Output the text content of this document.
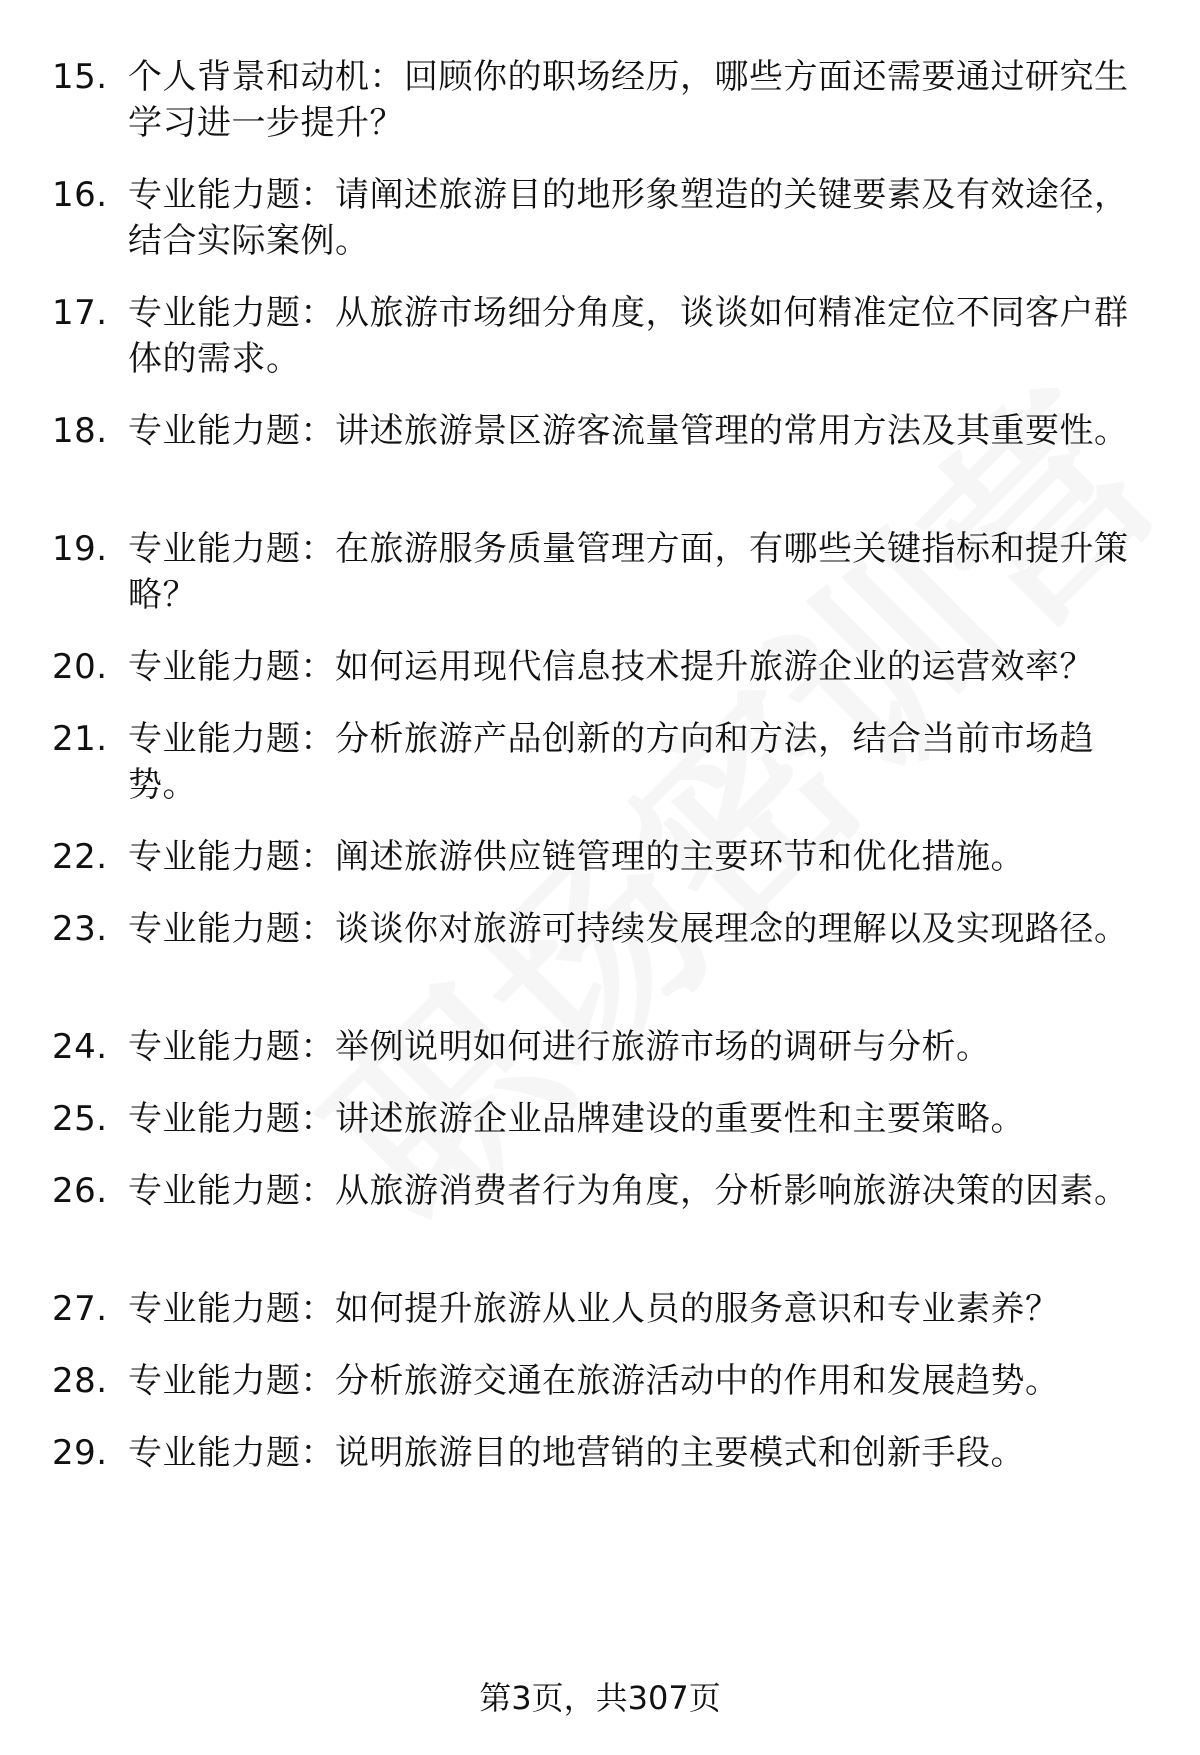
15. 个人背景和动机：回顾你的职场经历，哪些方面还需要通过研究生学习进一步提升？
16. 专业能力题：请阐述旅游目的地形象塑造的关键要素及有效途径，结合实际案例。
17. 专业能力题：从旅游市场细分角度，谈谈如何精准定位不同客户群体的需求。
18. 专业能力题：讲述旅游景区游客流量管理的常用方法及其重要性。
19. 专业能力题：在旅游服务质量管理方面，有哪些关键指标和提升策略？
20. 专业能力题：如何运用现代信息技术提升旅游企业的运营效率？
21. 专业能力题：分析旅游产品创新的方向和方法，结合当前市场趋势。
22. 专业能力题：阐述旅游供应链管理的主要环节和优化措施。
23. 专业能力题：谈谈你对旅游可持续发展理念的理解以及实现路径。
24. 专业能力题：举例说明如何进行旅游市场的调研与分析。
25. 专业能力题：讲述旅游企业品牌建设的重要性和主要策略。
26. 专业能力题：从旅游消费者行为角度，分析影响旅游决策的因素。
27. 专业能力题：如何提升旅游从业人员的服务意识和专业素养？
28. 专业能力题：分析旅游交通在旅游活动中的作用和发展趋势。
29. 专业能力题：说明旅游目的地营销的主要模式和创新手段。
第3页，共307页
